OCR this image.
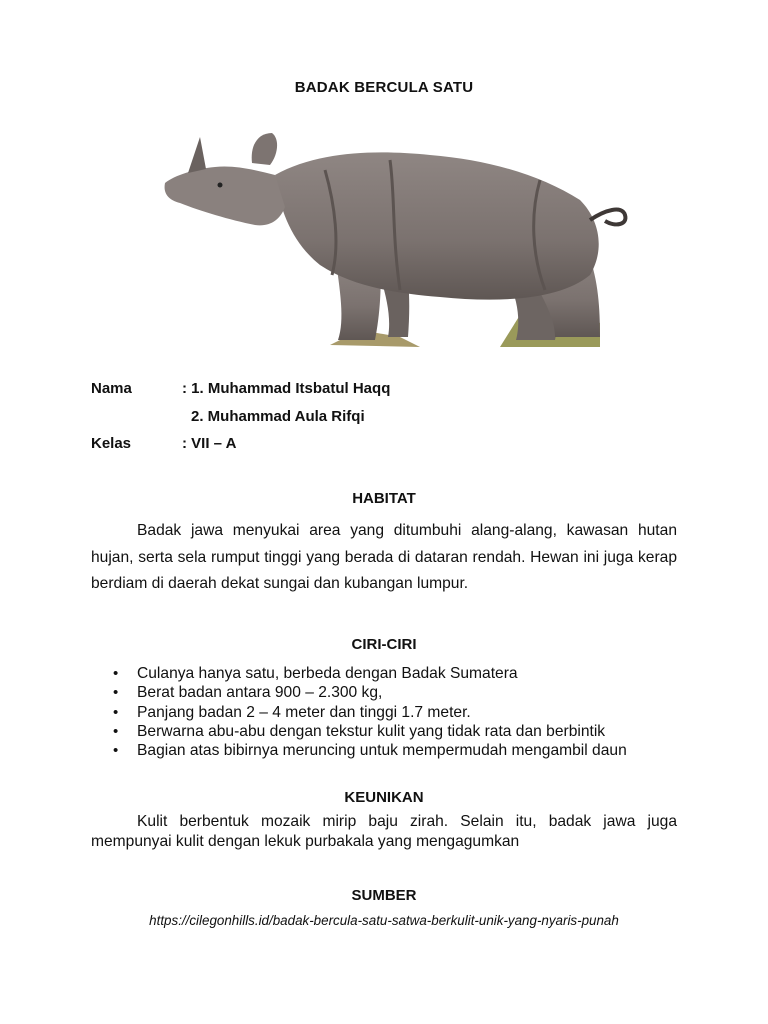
BADAK BERCULA SATU
Nama	: 1. Muhammad Itsbatul Haqq
2. Muhammad Aula Rifqi
Kelas	: VII – A
HABITAT

Badak jawa menyukai area yang ditumbuhi alang-alang, kawasan hutan hujan, serta sela rumput tinggi yang berada di dataran rendah. Hewan ini juga kerap berdiam di daerah dekat sungai dan kubangan lumpur.

CIRI-CIRI
• Culanya hanya satu, berbeda dengan Badak Sumatera
• Berat badan antara 900 – 2.300 kg,
• Panjang badan 2 – 4 meter dan tinggi 1.7 meter.
• Berwarna abu-abu dengan tekstur kulit yang tidak rata dan berbintik
• Bagian atas bibirnya meruncing untuk mempermudah mengambil daun
KEUNIKAN

Kulit berbentuk mozaik mirip baju zirah. Selain itu, badak jawa juga mempunyai kulit dengan lekuk purbakala yang mengagumkan

SUMBER
https://cilegonhills.id/badak-bercula-satu-satwa-berkulit-unik-yang-nyaris-punah
